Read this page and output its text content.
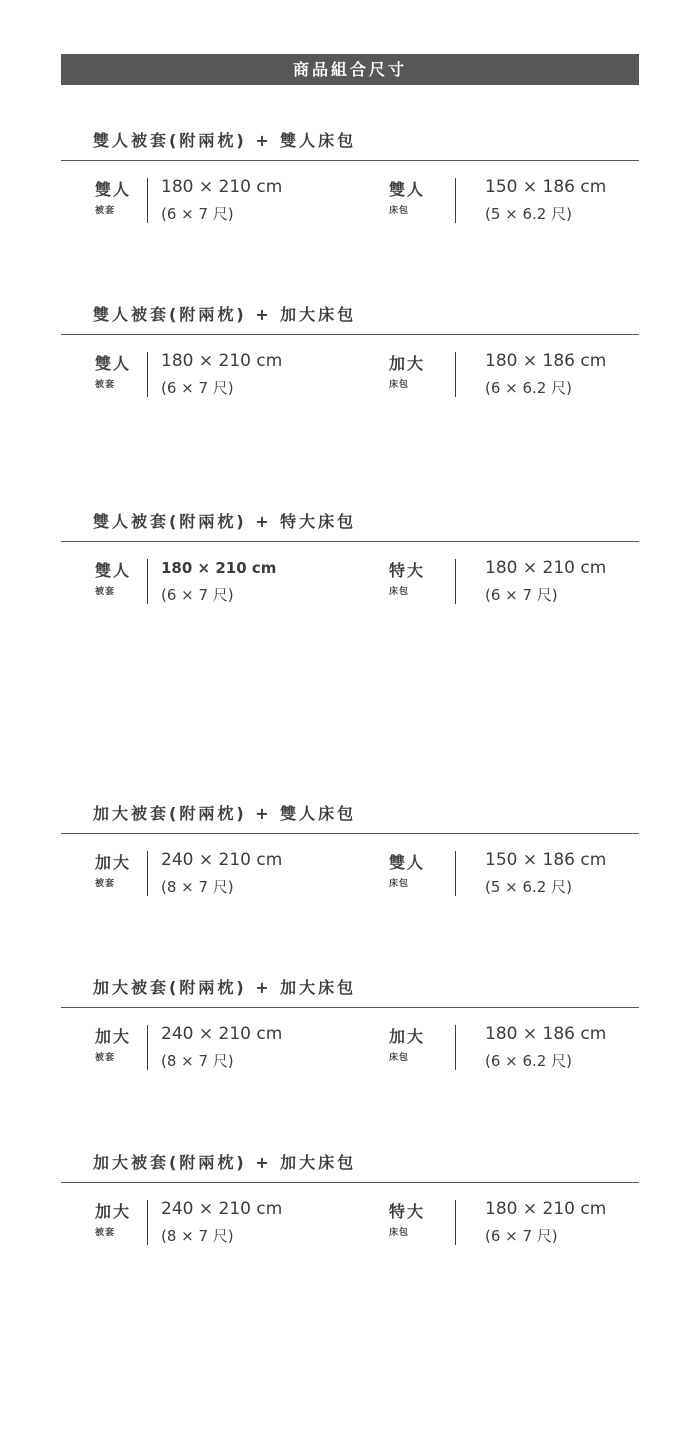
商品組合尺寸
雙人被套(附兩枕) + 雙人床包
雙人
被套
180 × 210 cm
(6 × 7 尺)
雙人
床包
150 × 186 cm
(5 × 6.2 尺)
雙人被套(附兩枕) + 加大床包
雙人
被套
180 × 210 cm
(6 × 7 尺)
加大
床包
180 × 186 cm
(6 × 6.2 尺)
雙人被套(附兩枕) + 特大床包
雙人
被套
180 × 210 cm
(6 × 7 尺)
特大
床包
180 × 210 cm
(6 × 7 尺)
加大被套(附兩枕) + 雙人床包
加大
被套
240 × 210 cm
(8 × 7 尺)
雙人
床包
150 × 186 cm
(5 × 6.2 尺)
加大被套(附兩枕) + 加大床包
加大
被套
240 × 210 cm
(8 × 7 尺)
加大
床包
180 × 186 cm
(6 × 6.2 尺)
加大被套(附兩枕) + 加大床包
加大
被套
240 × 210 cm
(8 × 7 尺)
特大
床包
180 × 210 cm
(6 × 7 尺)
